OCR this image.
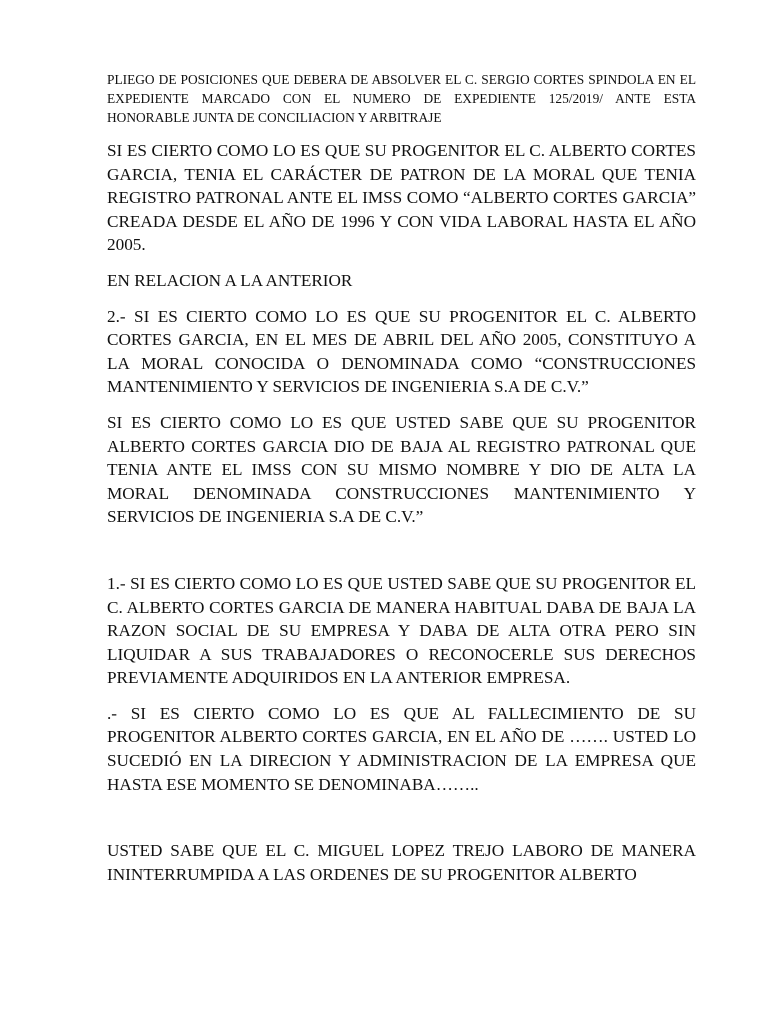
PLIEGO DE POSICIONES QUE DEBERA DE ABSOLVER EL C. SERGIO CORTES SPINDOLA EN EL EXPEDIENTE MARCADO CON EL NUMERO DE EXPEDIENTE 125/2019/ ANTE ESTA HONORABLE JUNTA DE CONCILIACION Y ARBITRAJE

SI ES CIERTO COMO LO ES QUE SU PROGENITOR EL C. ALBERTO CORTES GARCIA, TENIA EL CARÁCTER DE PATRON DE LA MORAL QUE TENIA REGISTRO PATRONAL ANTE EL IMSS COMO “ALBERTO CORTES GARCIA” CREADA DESDE EL AÑO DE 1996 Y CON VIDA LABORAL HASTA EL AÑO 2005.

EN RELACION A LA ANTERIOR

2.- SI ES CIERTO COMO LO ES QUE SU PROGENITOR EL C. ALBERTO CORTES GARCIA, EN EL MES DE ABRIL DEL AÑO 2005, CONSTITUYO A LA MORAL CONOCIDA O DENOMINADA COMO “CONSTRUCCIONES MANTENIMIENTO Y SERVICIOS DE INGENIERIA S.A DE C.V.”

SI ES CIERTO COMO LO ES QUE USTED SABE QUE SU PROGENITOR ALBERTO CORTES GARCIA DIO DE BAJA AL REGISTRO PATRONAL QUE TENIA ANTE EL IMSS CON SU MISMO NOMBRE Y DIO DE ALTA LA MORAL DENOMINADA CONSTRUCCIONES MANTENIMIENTO Y SERVICIOS DE INGENIERIA S.A DE C.V.”

1.- SI ES CIERTO COMO LO ES QUE USTED SABE QUE SU PROGENITOR EL C. ALBERTO CORTES GARCIA DE MANERA HABITUAL DABA DE BAJA LA RAZON SOCIAL DE SU EMPRESA Y DABA DE ALTA OTRA PERO SIN LIQUIDAR A SUS TRABAJADORES O RECONOCERLE SUS DERECHOS PREVIAMENTE ADQUIRIDOS EN LA ANTERIOR EMPRESA.

.- SI ES CIERTO COMO LO ES QUE AL FALLECIMIENTO DE SU PROGENITOR ALBERTO CORTES GARCIA, EN EL AÑO DE ……. USTED LO SUCEDIÓ EN LA DIRECION Y ADMINISTRACION DE LA EMPRESA QUE HASTA ESE MOMENTO SE DENOMINABA……..

USTED SABE QUE EL C. MIGUEL LOPEZ TREJO LABORO DE MANERA ININTERRUMPIDA A LAS ORDENES DE SU PROGENITOR ALBERTO
